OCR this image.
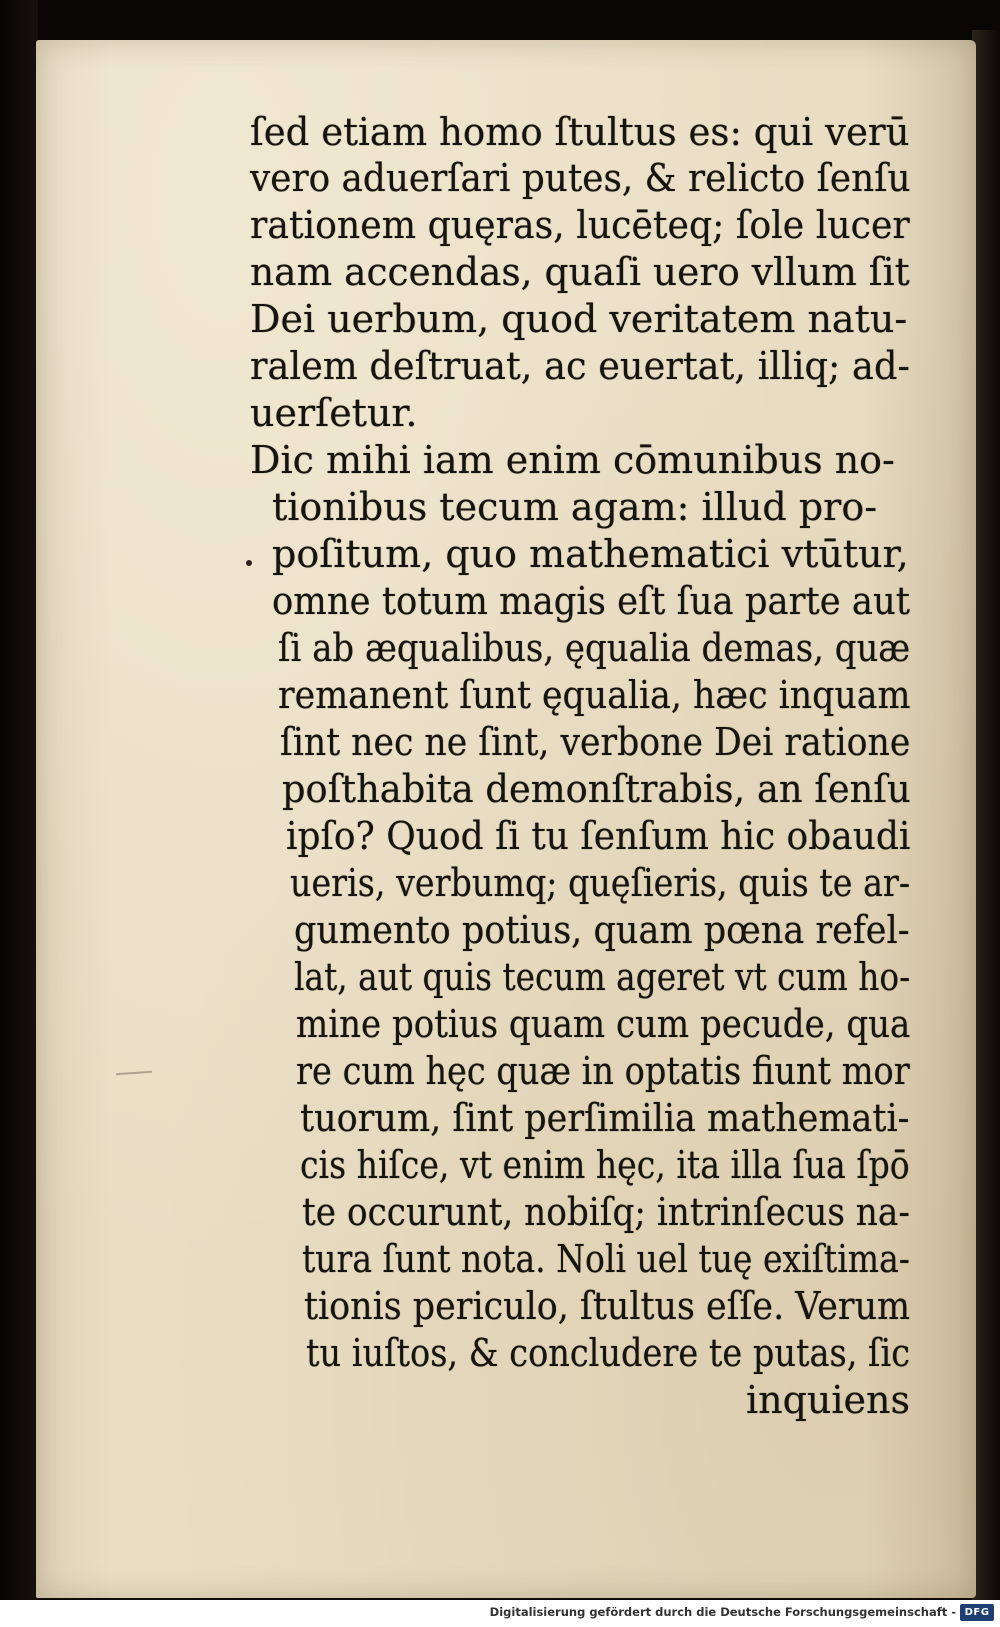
ſed etiam homo ſtultus es: qui verū
vero aduerſari putes, & relicto ſenſu
rationem quęras, lucēteq; ſole lucer
nam accendas, quaſi uero vllum ſit
Dei uerbum, quod veritatem natu-
ralem deſtruat, ac euertat, illiq; ad-
uerſetur.
Dic mihi iam enim cōmunibus no-
tionibus tecum agam: illud pro-
poſitum, quo mathematici vtūtur,
omne totum magis eſt ſua parte aut
ſi ab æqualibus, ęqualia demas, quæ
remanent ſunt ęqualia, hæc inquam
ſint nec ne ſint, verbone Dei ratione
poſthabita demonſtrabis, an ſenſu
ipſo? Quod ſi tu ſenſum hic obaudi
ueris, verbumq; quęſieris, quis te ar-
gumento potius, quam pœna refel-
lat, aut quis tecum ageret vt cum ho-
mine potius quam cum pecude, qua
re cum hęc quæ in optatis fiunt mor
tuorum, ſint perſimilia mathemati-
cis hiſce, vt enim hęc, ita illa ſua ſpō
te occurunt, nobiſq; intrinſecus na-
tura ſunt nota. Noli uel tuę exiſtima-
tionis periculo, ſtultus eſſe. Verum
tu iuſtos, & concludere te putas, ſic
inquiens
Digitalisierung gefördert durch die Deutsche Forschungsgemeinschaft - DFG
